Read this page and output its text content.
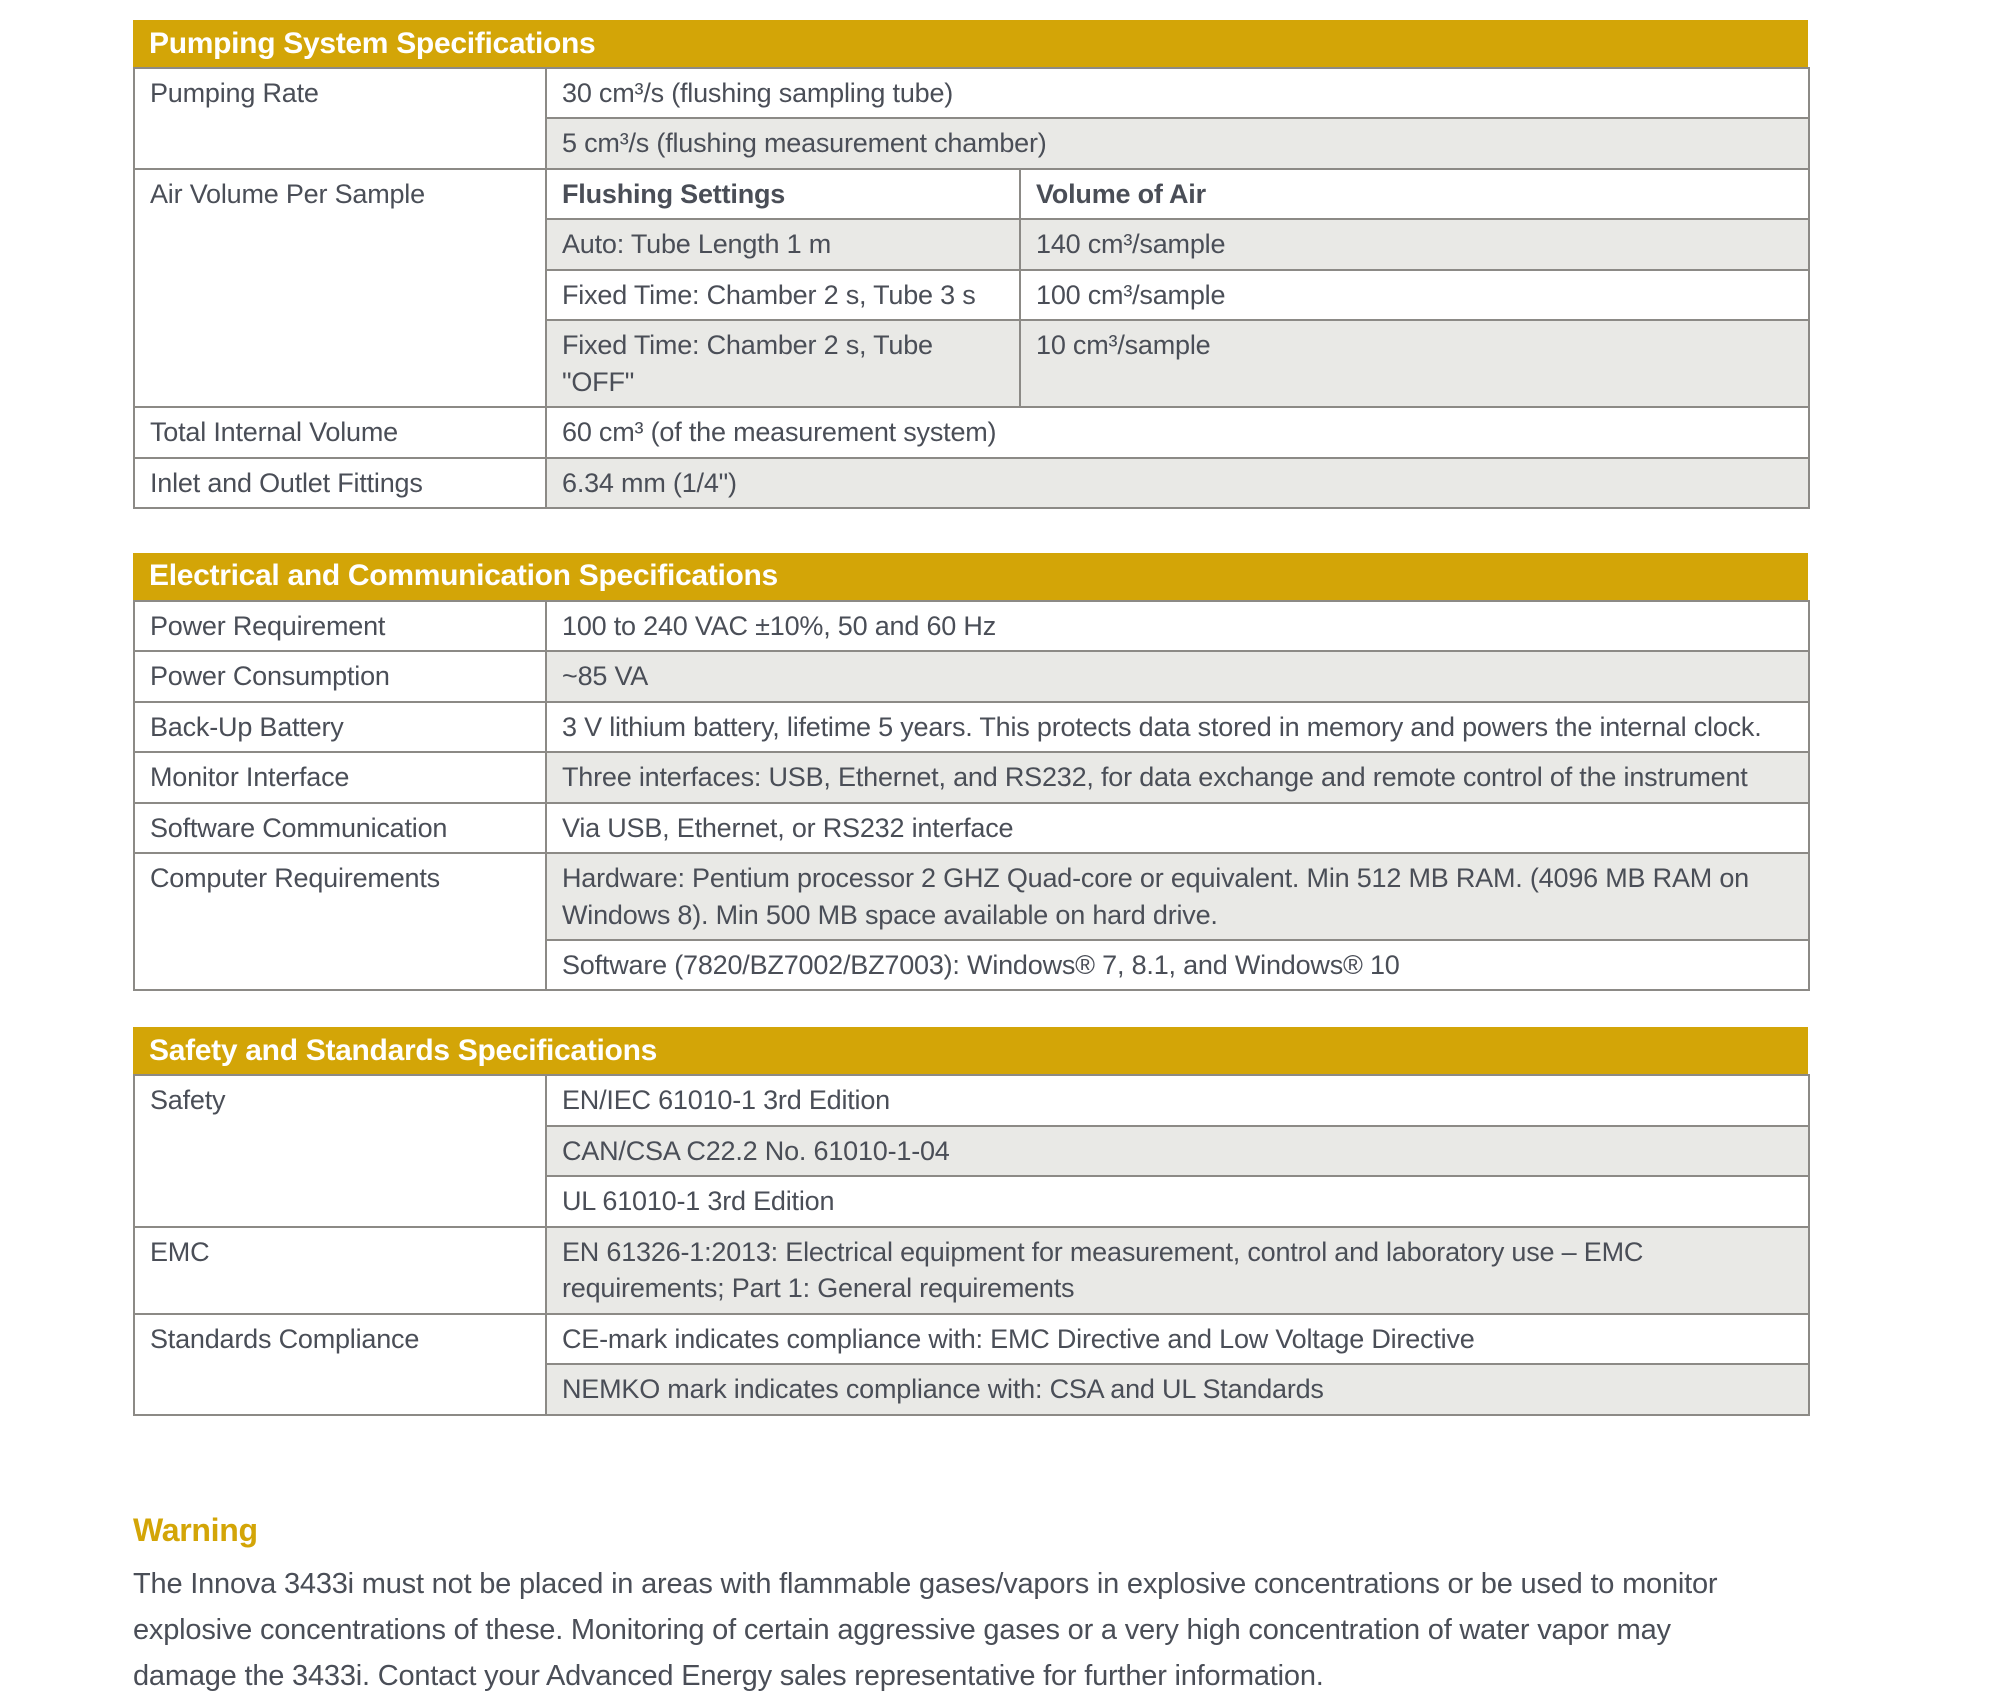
Pumping System Specifications
Pumping Rate	30 cm³/s (flushing sampling tube)	
	5 cm³/s (flushing measurement chamber)	
Air Volume Per Sample	Flushing Settings	Volume of Air
	Auto: Tube Length 1 m	140 cm³/sample
	Fixed Time: Chamber 2 s, Tube 3 s	100 cm³/sample
	Fixed Time: Chamber 2 s, Tube "OFF"	10 cm³/sample
Total Internal Volume	60 cm³ (of the measurement system)	
Inlet and Outlet Fittings	6.34 mm (1/4")	
Electrical and Communication Specifications
Power Requirement	100 to 240 VAC ±10%, 50 and 60 Hz
Power Consumption	~85 VA
Back-Up Battery	3 V lithium battery, lifetime 5 years. This protects data stored in memory and powers the internal clock.
Monitor Interface	Three interfaces: USB, Ethernet, and RS232, for data exchange and remote control of the instrument
Software Communication	Via USB, Ethernet, or RS232 interface
Computer Requirements	Hardware: Pentium processor 2 GHZ Quad-core or equivalent. Min 512 MB RAM. (4096 MB RAM on Windows 8). Min 500 MB space available on hard drive.
	Software (7820/BZ7002/BZ7003): Windows® 7, 8.1, and Windows® 10
Safety and Standards Specifications
Safety	EN/IEC 61010-1 3rd Edition
	CAN/CSA C22.2 No. 61010-1-04
	UL 61010-1 3rd Edition
EMC	EN 61326-1:2013: Electrical equipment for measurement, control and laboratory use – EMC requirements; Part 1: General requirements
Standards Compliance	CE-mark indicates compliance with: EMC Directive and Low Voltage Directive
	NEMKO mark indicates compliance with: CSA and UL Standards
Warning
The Innova 3433i must not be placed in areas with flammable gases/vapors in explosive concentrations or be used to monitor explosive concentrations of these. Monitoring of certain aggressive gases or a very high concentration of water vapor may damage the 3433i. Contact your Advanced Energy sales representative for further information.
